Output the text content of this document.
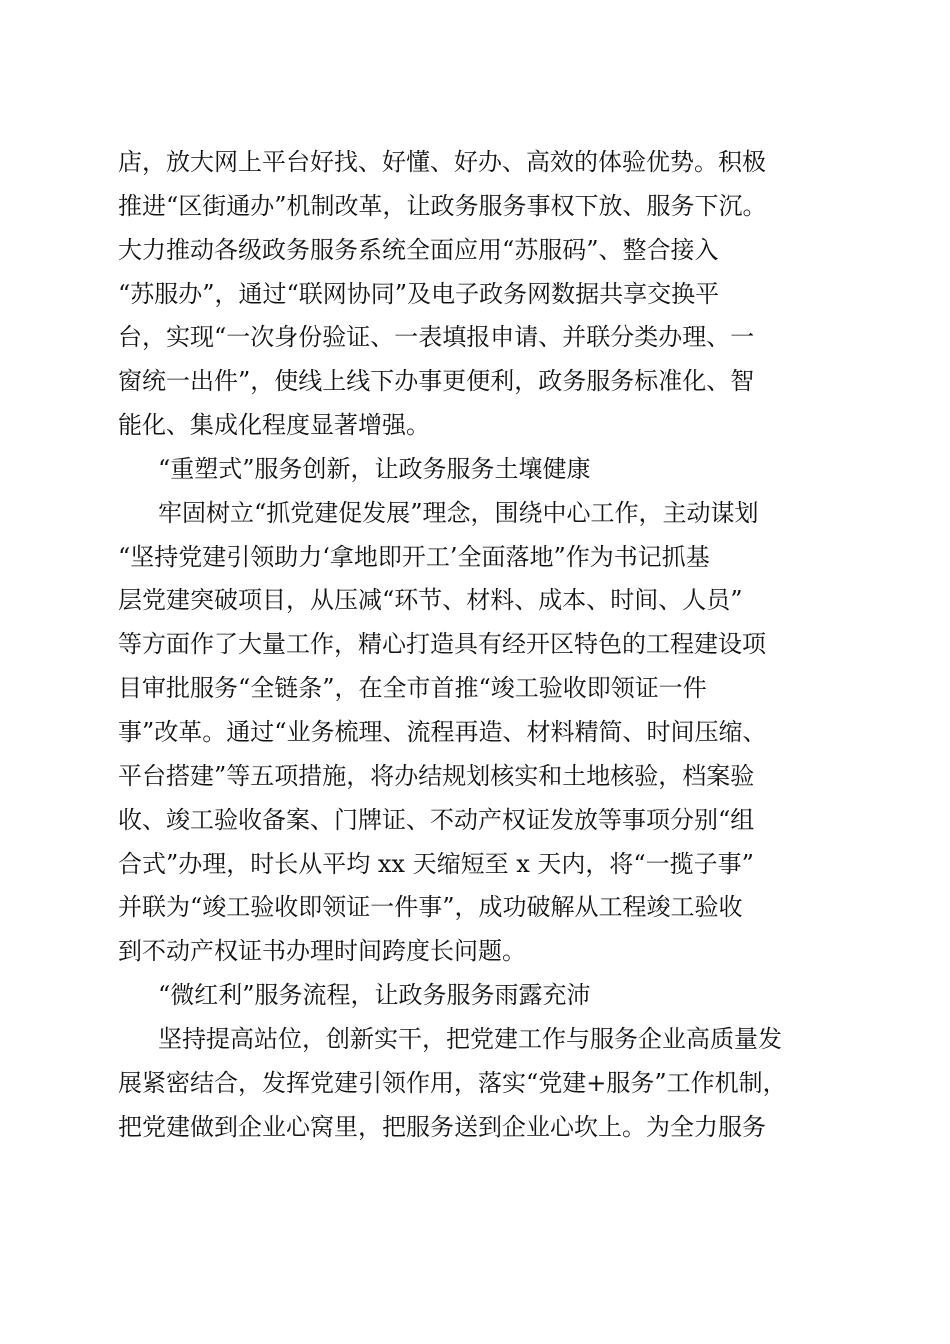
店，放大网上平台好找、好懂、好办、高效的体验优势。积极
推进“区街通办”机制改革，让政务服务事权下放、服务下沉。
大力推动各级政务服务系统全面应用“苏服码”、整合接入
“苏服办”，通过“联网协同”及电子政务网数据共享交换平
台，实现“一次身份验证、一表填报申请、并联分类办理、一
窗统一出件”，使线上线下办事更便利，政务服务标准化、智
能化、集成化程度显著增强。
“重塑式”服务创新，让政务服务土壤健康
牢固树立“抓党建促发展”理念，围绕中心工作，主动谋划
“坚持党建引领助力‘拿地即开工’全面落地”作为书记抓基
层党建突破项目，从压减“环节、材料、成本、时间、人员”
等方面作了大量工作，精心打造具有经开区特色的工程建设项
目审批服务“全链条”，在全市首推“竣工验收即领证一件
事”改革。通过“业务梳理、流程再造、材料精简、时间压缩、
平台搭建”等五项措施，将办结规划核实和土地核验，档案验
收、竣工验收备案、门牌证、不动产权证发放等事项分别“组
合式”办理，时长从平均 xx 天缩短至 x 天内，将“一揽子事”
并联为“竣工验收即领证一件事”，成功破解从工程竣工验收
到不动产权证书办理时间跨度长问题。
“微红利”服务流程，让政务服务雨露充沛
坚持提高站位，创新实干，把党建工作与服务企业高质量发
展紧密结合，发挥党建引领作用，落实“党建+服务”工作机制，
把党建做到企业心窝里，把服务送到企业心坎上。为全力服务
